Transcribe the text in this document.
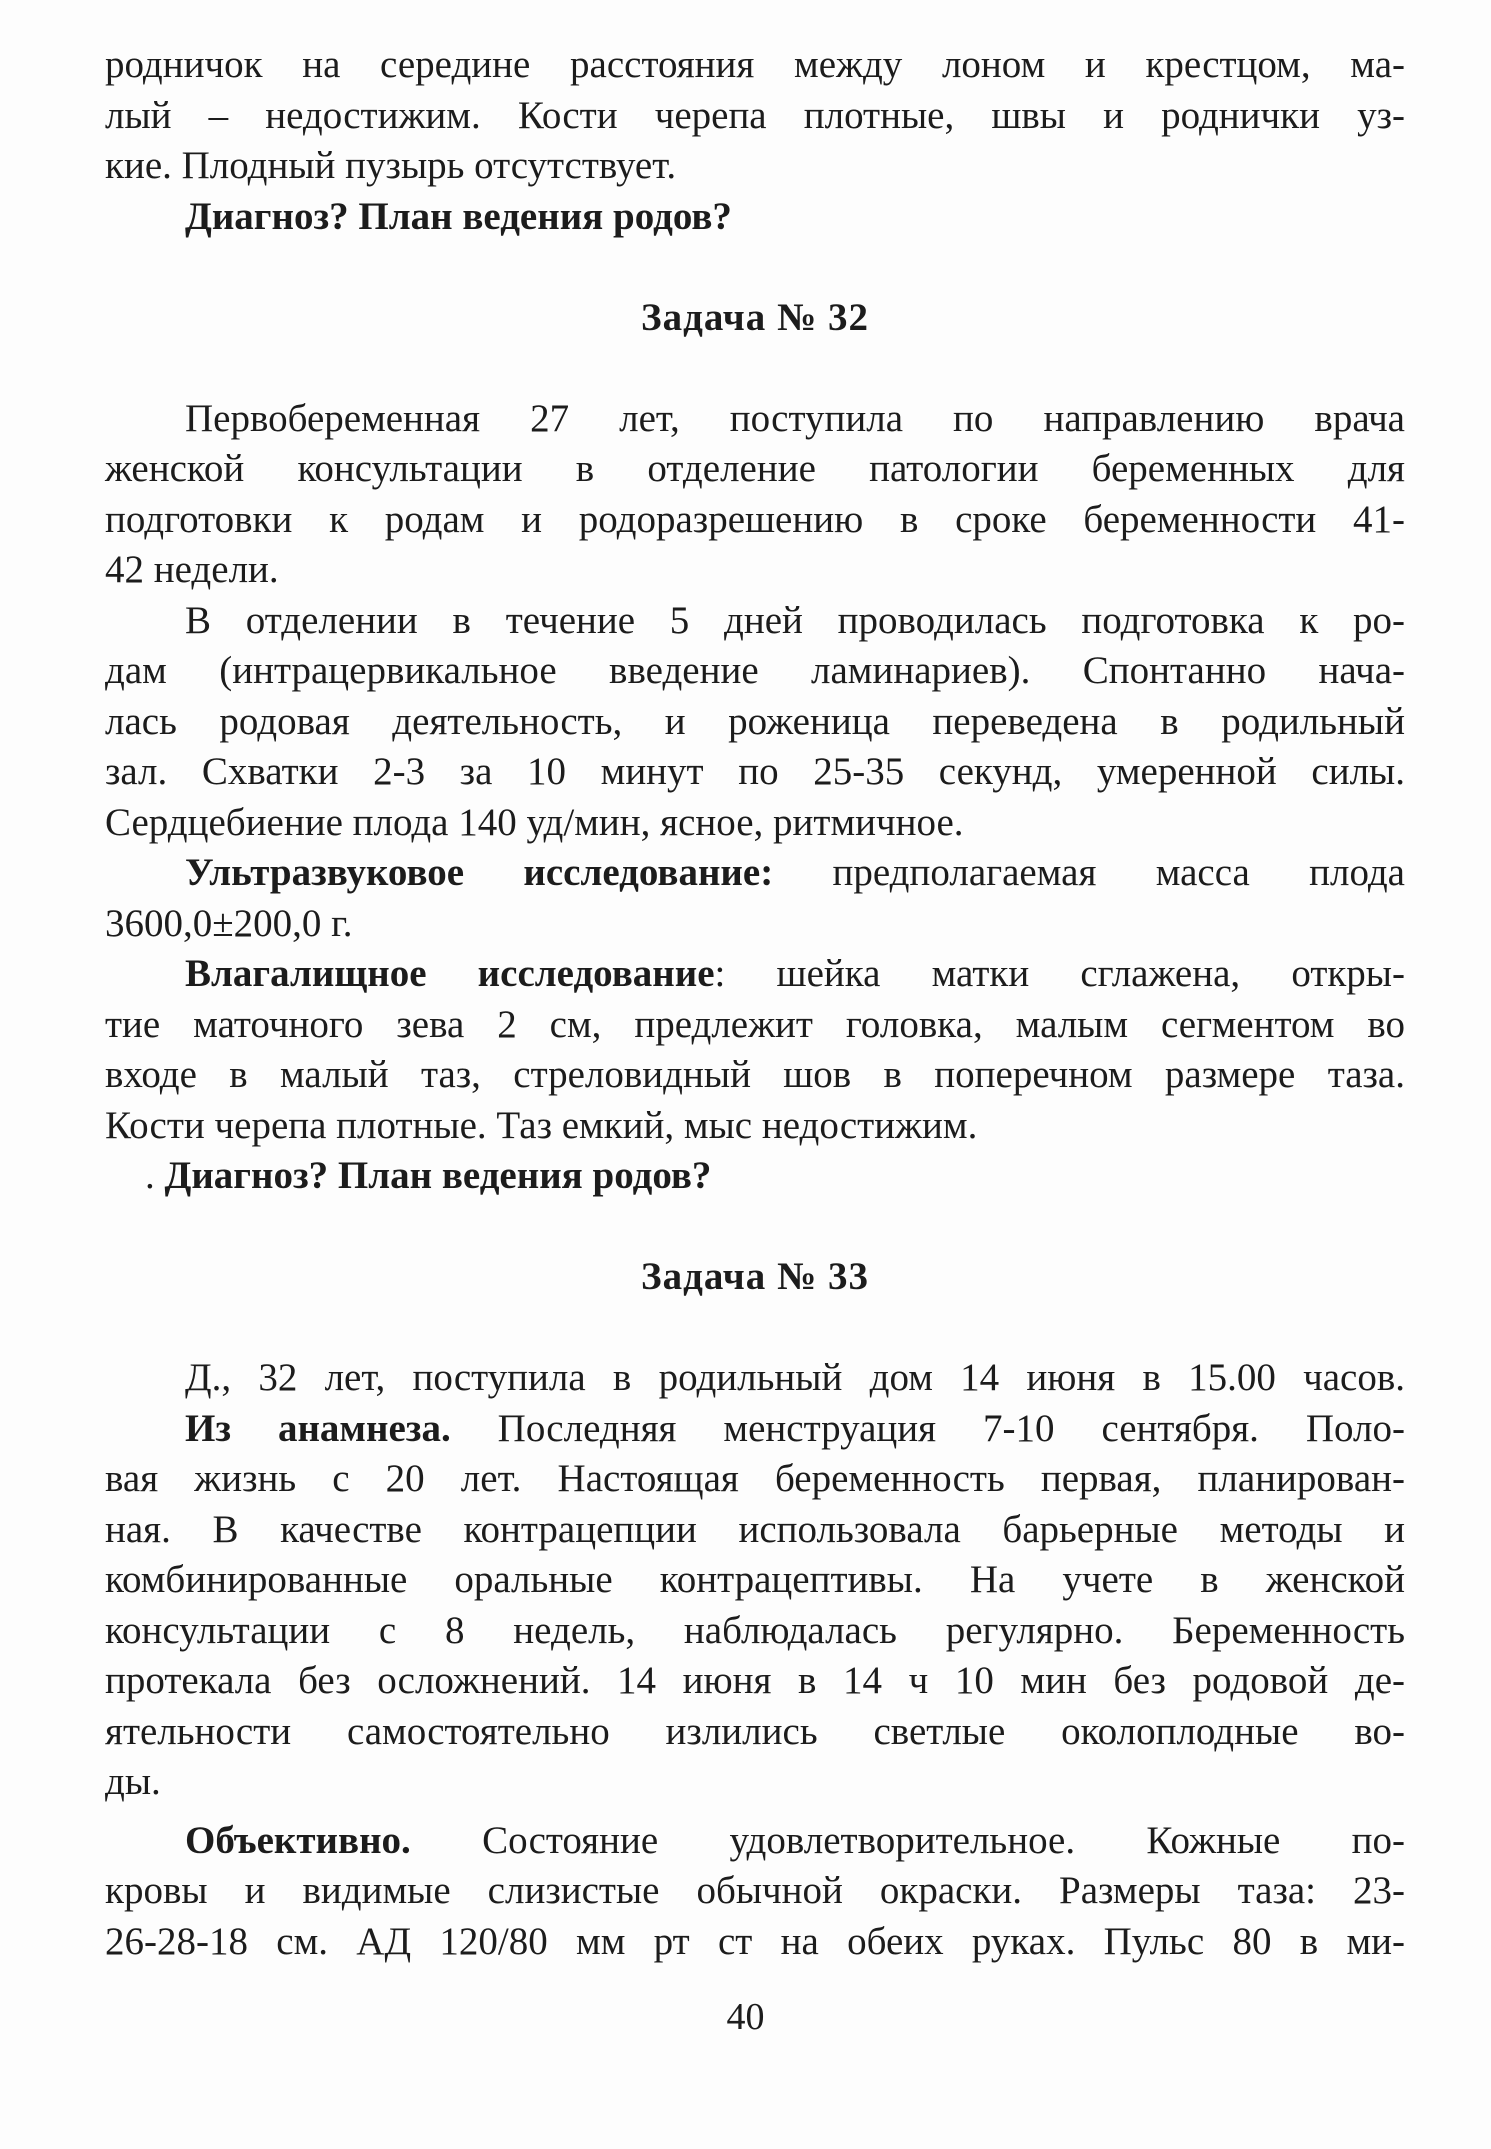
родничок на середине расстояния между лоном и крестцом, ма-
лый – недостижим. Кости черепа плотные, швы и роднички уз-
кие. Плодный пузырь отсутствует.
Диагноз? План ведения родов?
Задача № 32
Первобеременная 27 лет, поступила по направлению врача
женской консультации в отделение патологии беременных для
подготовки к родам и родоразрешению в сроке беременности 41-
42 недели.
В отделении в течение 5 дней проводилась подготовка к ро-
дам (интрацервикальное введение ламинариев). Спонтанно нача-
лась родовая деятельность, и роженица переведена в родильный
зал. Схватки 2-3 за 10 минут по 25-35 секунд, умеренной силы.
Сердцебиение плода 140 уд/мин, ясное, ритмичное.
Ультразвуковое исследование: предполагаемая масса плода
3600,0±200,0 г.
Влагалищное исследование: шейка матки сглажена, откры-
тие маточного зева 2 см, предлежит головка, малым сегментом во
входе в малый таз, стреловидный шов в поперечном размере таза.
Кости черепа плотные. Таз емкий, мыс недостижим.
. Диагноз? План ведения родов?
Задача № 33
Д., 32 лет, поступила в родильный дом 14 июня в 15.00 часов.
Из анамнеза. Последняя менструация 7-10 сентября. Поло-
вая жизнь с 20 лет. Настоящая беременность первая, планирован-
ная. В качестве контрацепции использовала барьерные методы и
комбинированные оральные контрацептивы. На учете в женской
консультации с 8 недель, наблюдалась регулярно. Беременность
протекала без осложнений. 14 июня в 14 ч 10 мин без родовой де-
ятельности самостоятельно излились светлые околоплодные во-
ды.
Объективно. Состояние удовлетворительное. Кожные по-
кровы и видимые слизистые обычной окраски. Размеры таза: 23-
26-28-18 см. АД 120/80 мм рт ст на обеих руках. Пульс 80 в ми-
40
